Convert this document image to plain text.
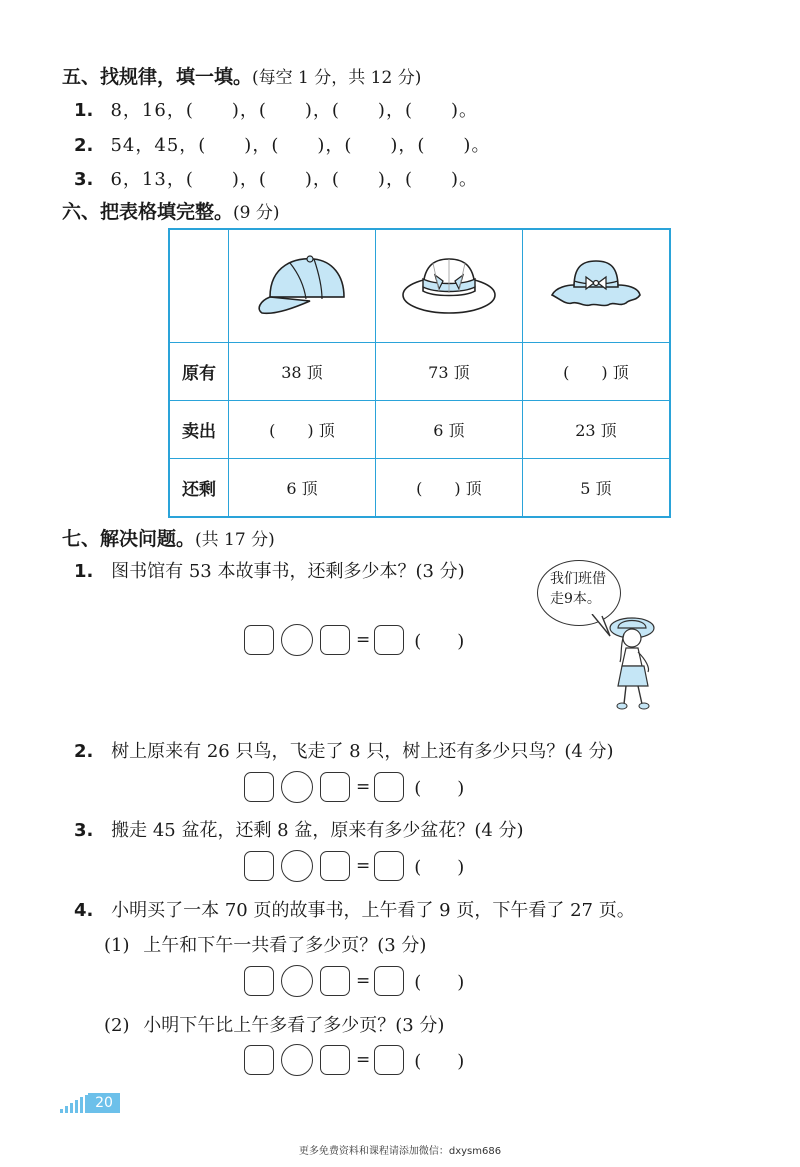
五、找规律，填一填。(每空 1 分，共 12 分)
1. 8，16，(　　)，(　　)，(　　)，(　　)。
2. 54，45，(　　)，(　　)，(　　)，(　　)。
3. 6，13，(　　)，(　　)，(　　)，(　　)。
六、把表格填完整。(9 分)

原有	38 顶	73 顶	(　　) 顶
卖出	(　　) 顶	6 顶	23 顶
还剩	6 顶	(　　) 顶	5 顶
七、解决问题。(共 17 分)
1. 图书馆有 53 本故事书，还剩多少本？(3 分)	我们班借
走9本。
= (　　)
2. 树上原来有 26 只鸟，飞走了 8 只，树上还有多少只鸟？(4 分)
= (　　)
3. 搬走 45 盆花，还剩 8 盆，原来有多少盆花？(4 分)
= (　　)
4. 小明买了一本 70 页的故事书，上午看了 9 页，下午看了 27 页。
(1) 上午和下午一共看了多少页？(3 分)
= (　　)
(2) 小明下午比上午多看了多少页？(3 分)
= (　　)
20
更多免费资料和课程请添加微信：dxysm686
